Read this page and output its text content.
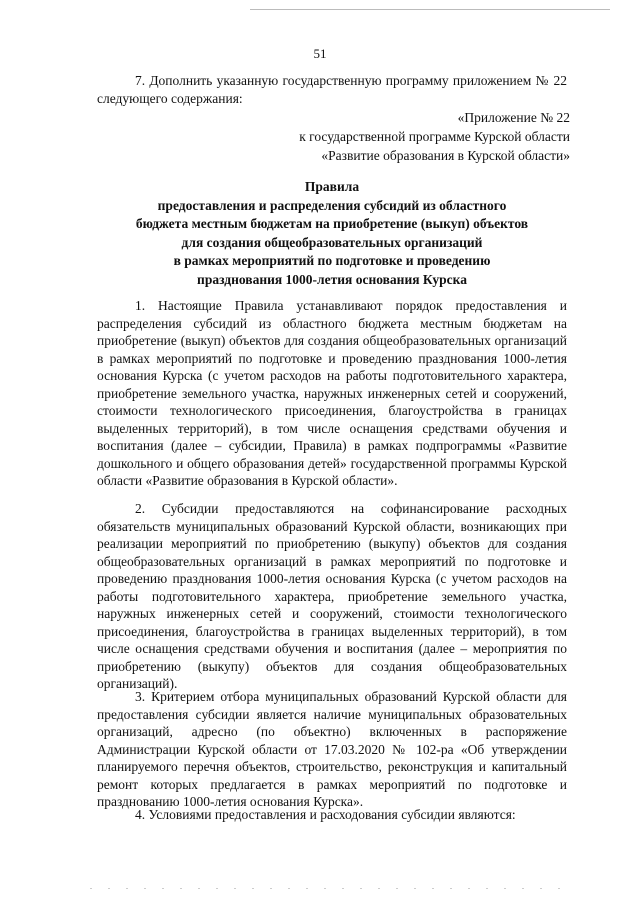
51
7. Дополнить указанную государственную программу приложением № 22 следующего содержания:
«Приложение № 22
к государственной программе Курской области
«Развитие образования в Курской области»
Правила
предоставления и распределения субсидий из областного
бюджета местным бюджетам на приобретение (выкуп) объектов
для создания общеобразовательных организаций
в рамках мероприятий по подготовке и проведению
празднования 1000-летия основания Курска
1. Настоящие Правила устанавливают порядок предоставления и распределения субсидий из областного бюджета местным бюджетам на приобретение (выкуп) объектов для создания общеобразовательных организаций в рамках мероприятий по подготовке и проведению празднования 1000-летия основания Курска (с учетом расходов на работы подготовительного характера, приобретение земельного участка, наружных инженерных сетей и сооружений, стоимости технологического присоединения, благоустройства в границах выделенных территорий), в том числе оснащения средствами обучения и воспитания (далее – субсидии, Правила) в рамках подпрограммы «Развитие дошкольного и общего образования детей» государственной программы Курской области «Развитие образования в Курской области».
2. Субсидии предоставляются на софинансирование расходных обязательств муниципальных образований Курской области, возникающих при реализации мероприятий по приобретению (выкупу) объектов для создания общеобразовательных организаций в рамках мероприятий по подготовке и проведению празднования 1000-летия основания Курска (с учетом расходов на работы подготовительного характера, приобретение земельного участка, наружных инженерных сетей и сооружений, стоимости технологического присоединения, благоустройства в границах выделенных территорий), в том числе оснащения средствами обучения и воспитания (далее – мероприятия по приобретению (выкупу) объектов для создания общеобразовательных организаций).
3. Критерием отбора муниципальных образований Курской области для предоставления субсидии является наличие муниципальных образовательных организаций, адресно (по объектно) включенных в распоряжение Администрации Курской области от 17.03.2020 № 102-ра «Об утверждении планируемого перечня объектов, строительство, реконструкция и капитальный ремонт которых предлагается в рамках мероприятий по подготовке и празднованию 1000-летия основания Курска».
4. Условиями предоставления и расходования субсидии являются:
